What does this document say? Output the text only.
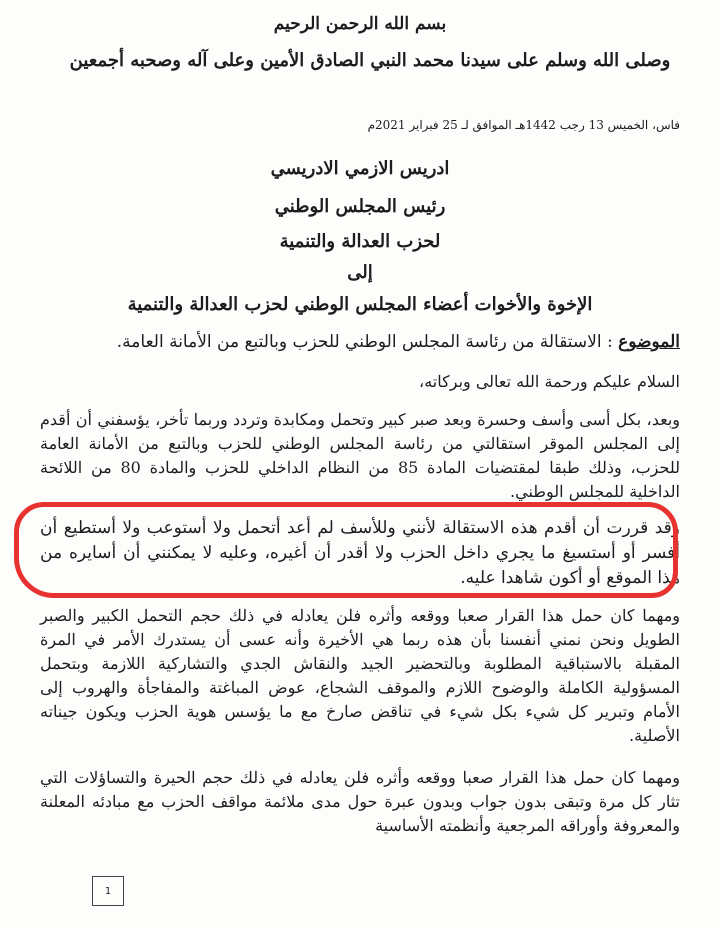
بسم الله الرحمن الرحيم
وصلى الله وسلم على سيدنا محمد النبي الصادق الأمين وعلى آله وصحبه أجمعين
فاس، الخميس 13 رجب 1442هـ الموافق لـ 25 فبراير 2021م
ادريس الازمي الادريسي
رئيس المجلس الوطني
لحزب العدالة والتنمية
إلى
الإخوة والأخوات أعضاء المجلس الوطني لحزب العدالة والتنمية
الموضوع : الاستقالة من رئاسة المجلس الوطني للحزب وبالتبع من الأمانة العامة.
السلام عليكم ورحمة الله تعالى وبركاته،
وبعد، بكل أسى وأسف وحسرة وبعد صبر كبير وتحمل ومكابدة وتردد وربما تأخر، يؤسفني أن أقدم إلى المجلس الموقر استقالتي من رئاسة المجلس الوطني للحزب وبالتبع من الأمانة العامة للحزب، وذلك طبقا لمقتضيات المادة 85 من النظام الداخلي للحزب والمادة 80 من اللائحة الداخلية للمجلس الوطني.
وقد قررت أن أقدم هذه الاستقالة لأنني وللأسف لم أعد أتحمل ولا أستوعب ولا أستطيع أن أفسر أو أستسيغ ما يجري داخل الحزب ولا أقدر أن أغيره، وعليه لا يمكنني أن أسايره من هذا الموقع أو أكون شاهدا عليه.
ومهما كان حمل هذا القرار صعبا ووقعه وأثره فلن يعادله في ذلك حجم التحمل الكبير والصبر الطويل ونحن نمني أنفسنا بأن هذه ربما هي الأخيرة وأنه عسى أن يستدرك الأمر في المرة المقبلة بالاستباقية المطلوبة وبالتحضير الجيد والنقاش الجدي والتشاركية اللازمة وبتحمل المسؤولية الكاملة والوضوح اللازم والموقف الشجاع، عوض المباغتة والمفاجأة والهروب إلى الأمام وتبرير كل شيء بكل شيء في تناقض صارخ مع ما يؤسس هوية الحزب ويكون جيناته الأصلية.
ومهما كان حمل هذا القرار صعبا ووقعه وأثره فلن يعادله في ذلك حجم الحيرة والتساؤلات التي تثار كل مرة وتبقى بدون جواب وبدون عبرة حول مدى ملائمة مواقف الحزب مع مبادئه المعلنة والمعروفة وأوراقه المرجعية وأنظمته الأساسية
1
